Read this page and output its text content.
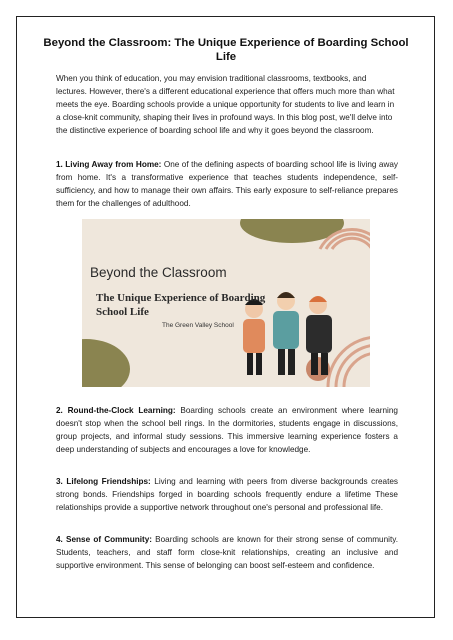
Beyond the Classroom: The Unique Experience of Boarding School Life
When you think of education, you may envision traditional classrooms, textbooks, and lectures. However, there's a different educational experience that offers much more than what meets the eye. Boarding schools provide a unique opportunity for students to live and learn in a close-knit community, shaping their lives in profound ways. In this blog post, we'll delve into the distinctive experience of boarding school life and why it goes beyond the classroom.
1. Living Away from Home: One of the defining aspects of boarding school life is living away from home. It's a transformative experience that teaches students independence, self-sufficiency, and how to manage their own affairs. This early exposure to self-reliance prepares them for the challenges of adulthood.
Beyond the Classroom
The Unique Experience of Boarding
School Life
The Green Valley School
2. Round-the-Clock Learning: Boarding schools create an environment where learning doesn't stop when the school bell rings. In the dormitories, students engage in discussions, group projects, and informal study sessions. This immersive learning experience fosters a deep understanding of subjects and encourages a love for knowledge.
3. Lifelong Friendships: Living and learning with peers from diverse backgrounds creates strong bonds. Friendships forged in boarding schools frequently endure a lifetime These relationships provide a supportive network throughout one's personal and professional life.
4. Sense of Community: Boarding schools are known for their strong sense of community. Students, teachers, and staff form close-knit relationships, creating an inclusive and supportive environment. This sense of belonging can boost self-esteem and confidence.
